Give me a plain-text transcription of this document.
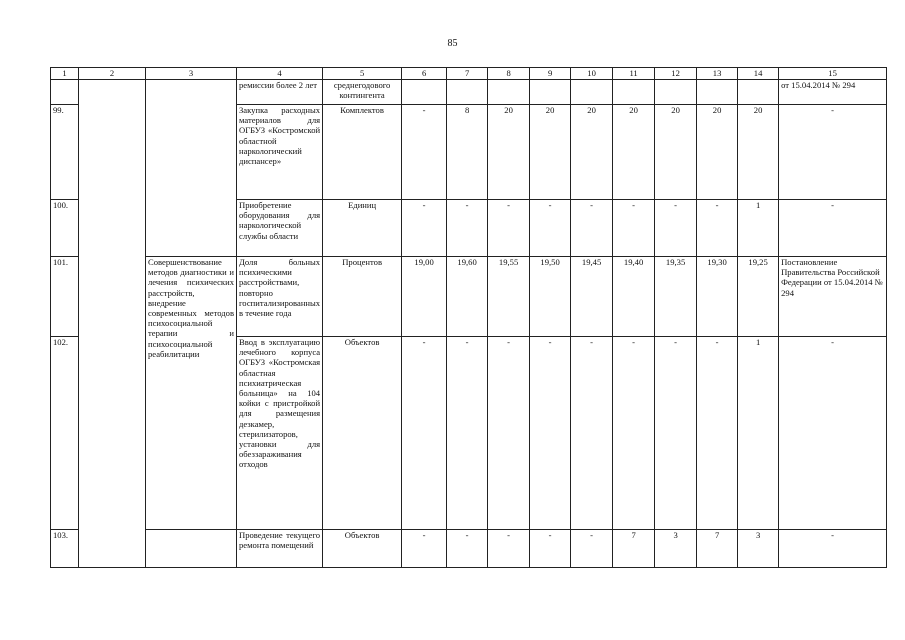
85
1	2	3	4	5	6	7	8	9	10	11	12	13	14	15
			ремиссии более 2 лет	среднегодового контингента										от 15.04.2014 № 294
99.			Закупка расходных материалов для ОГБУЗ «Костромской областной наркологический диспансер»	Комплектов	-	8	20	20	20	20	20	20	20	-
100.			Приобретение оборудования для наркологической службы области	Единиц	-	-	-	-	-	-	-	-	1	-
101.		Совершенствование методов диагностики и лечения психических расстройств, внедрение современных методов психосоциальной терапии и психосоциальной реабилитации	Доля больных психическими расстройствами, повторно госпитализированных в течение года	Процентов	19,00	19,60	19,55	19,50	19,45	19,40	19,35	19,30	19,25	Постановление Правительства Российской Федерации от 15.04.2014 № 294
102.			Ввод в эксплуатацию лечебного корпуса ОГБУЗ «Костромская областная психиатрическая больница» на 104 койки с пристройкой для размещения дезкамер, стерилизаторов, установки для обеззараживания отходов	Объектов	-	-	-	-	-	-	-	-	1	-
103.			Проведение текущего ремонта помещений	Объектов	-	-	-	-	-	7	3	7	3	-
